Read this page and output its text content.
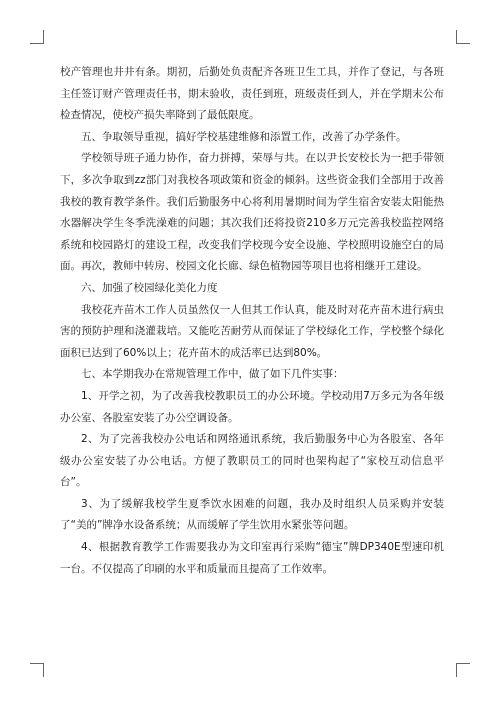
校产管理也井井有条。期初，后勤处负责配齐各班卫生工具，并作了登记，与各班主任签订财产管理责任书，期末验收，责任到班，班级责任到人，并在学期末公布检查情况，使校产损失率降到了最低限度。

五、争取领导重视，搞好学校基建维修和添置工作，改善了办学条件。

学校领导班子通力协作，奋力拼搏，荣辱与共。在以尹长安校长为一把手带领下，多次争取到zz部门对我校各项政策和资金的倾斜。这些资金我们全部用于改善我校的教育教学条件。我们后勤服务中心将利用暑期时间为学生宿舍安装太阳能热水器解决学生冬季洗澡难的问题；其次我们还将投资210多万元完善我校监控网络系统和校园路灯的建设工程，改变我们学校现今安全设施、学校照明设施空白的局面。再次，教师中转房、校园文化长廊、绿色植物园等项目也将相继开工建设。

六、加强了校园绿化美化力度

我校花卉苗木工作人员虽然仅一人但其工作认真，能及时对花卉苗木进行病虫害的预防护理和浇灌栽培。又能吃苦耐劳从而保证了学校绿化工作，学校整个绿化面积已达到了60%以上；花卉苗木的成活率已达到80%。

七、本学期我办在常规管理工作中，做了如下几件实事：

1、开学之初，为了改善我校教职员工的办公环境。学校动用7万多元为各年级办公室、各股室安装了办公空调设备。

2、为了完善我校办公电话和网络通讯系统，我后勤服务中心为各股室、各年级办公室安装了办公电话。方便了教职员工的同时也架构起了“家校互动信息平台”。

3、为了缓解我校学生夏季饮水困难的问题，我办及时组织人员采购并安装了“美的”牌净水设备系统；从而缓解了学生饮用水紧张等问题。

4、根据教育教学工作需要我办为文印室再行采购“德宝”牌DP340E型速印机一台。不仅提高了印刷的水平和质量而且提高了工作效率。
